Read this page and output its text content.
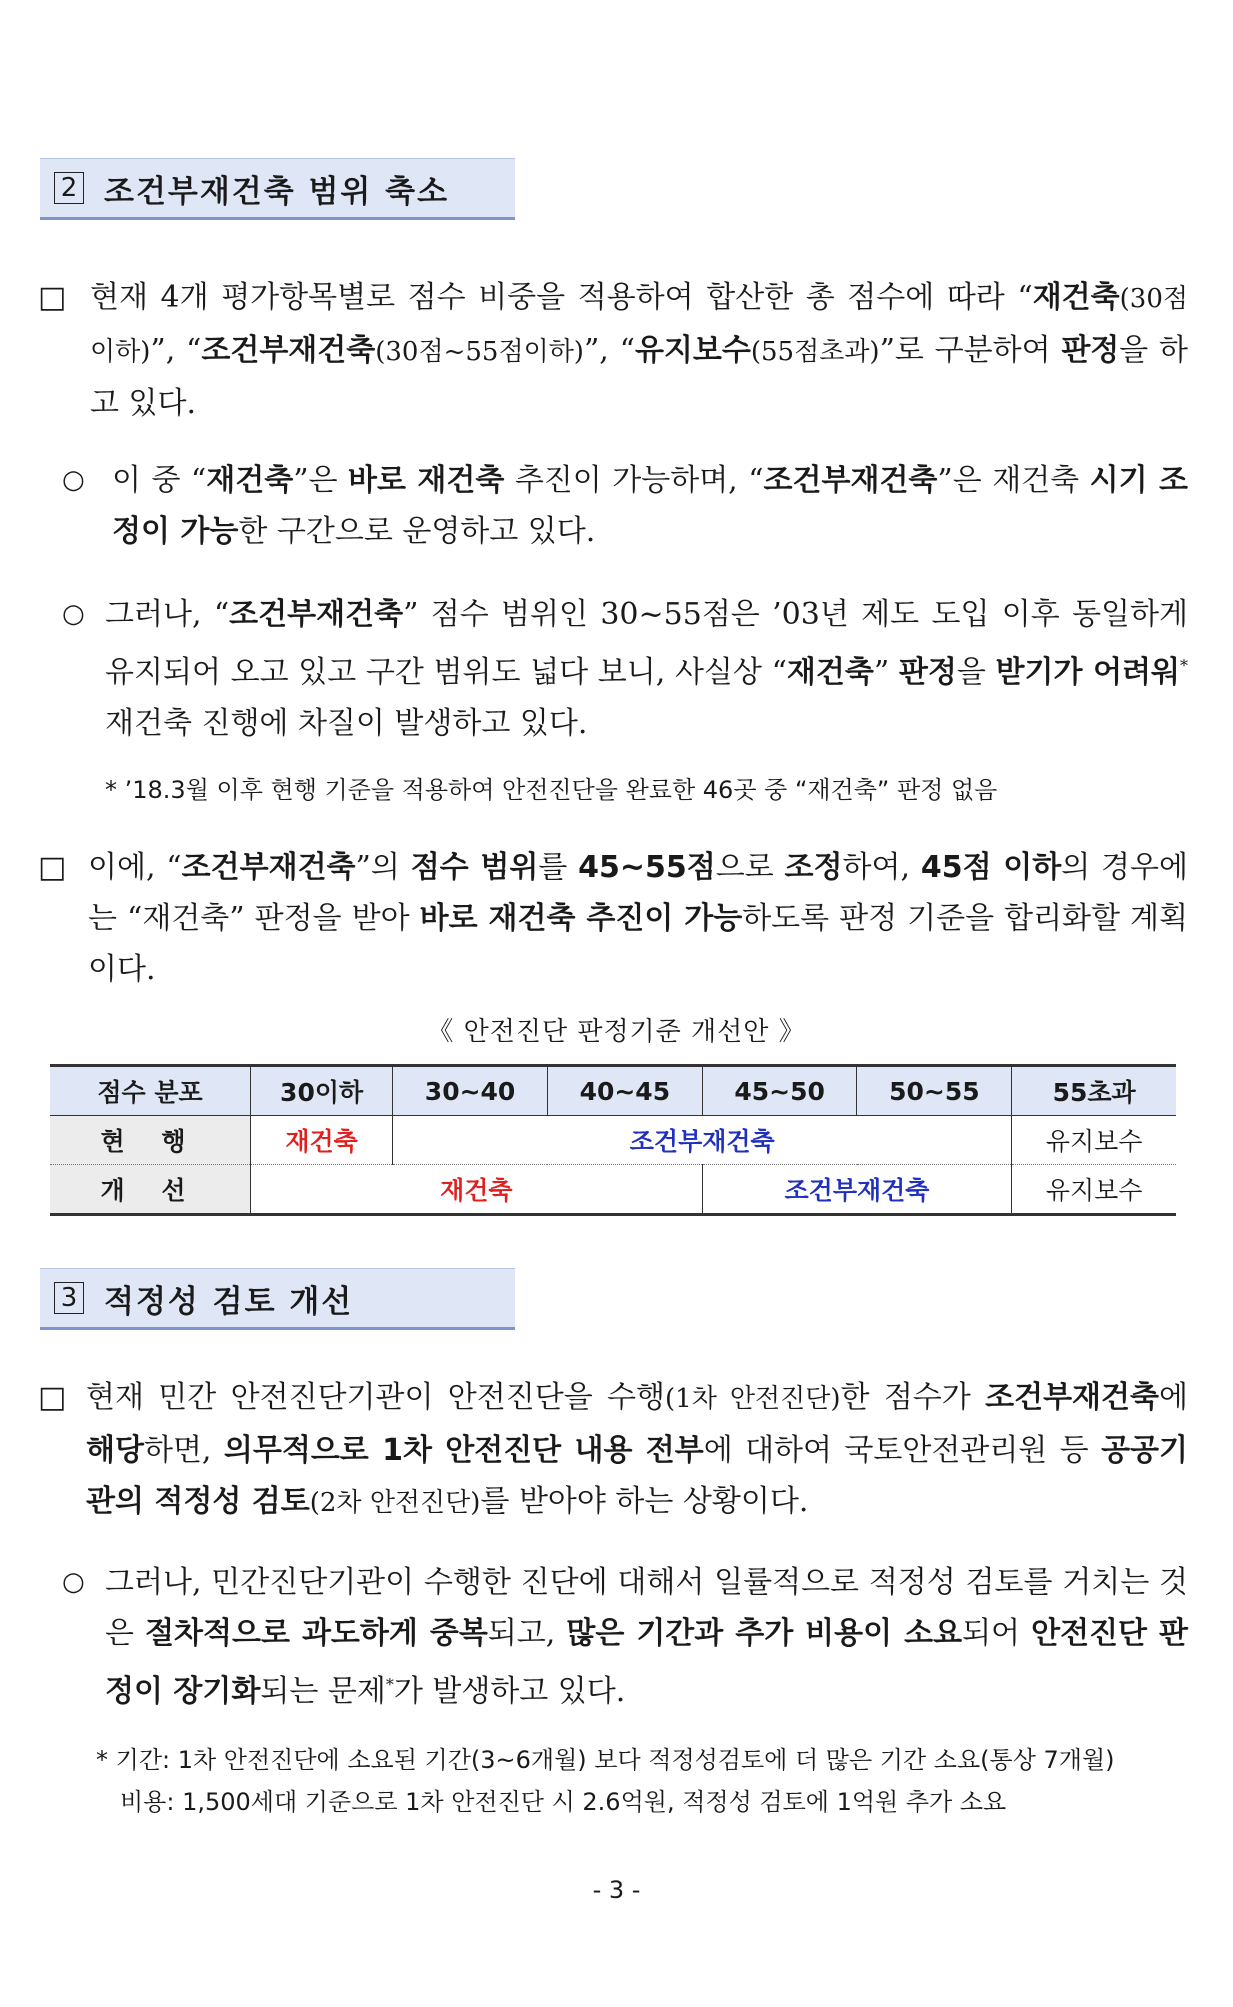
2 조건부재건축 범위 축소
□ 현재 4개 평가항목별로 점수 비중을 적용하여 합산한 총 점수에 따라 “재건축(30점 이하)”, “조건부재건축(30점~55점이하)”, “유지보수(55점초과)”로 구분하여 판정을 하고 있다.
○ 이 중 “재건축”은 바로 재건축 추진이 가능하며, “조건부재건축”은 재건축 시기 조정이 가능한 구간으로 운영하고 있다.
○ 그러나, “조건부재건축” 점수 범위인 30~55점은 ’03년 제도 도입 이후 동일하게 유지되어 오고 있고 구간 범위도 넓다 보니, 사실상 “재건축” 판정을 받기가 어려워* 재건축 진행에 차질이 발생하고 있다.
* ’18.3월 이후 현행 기준을 적용하여 안전진단을 완료한 46곳 중 “재건축” 판정 없음
□ 이에, “조건부재건축”의 점수 범위를 45~55점으로 조정하여, 45점 이하의 경우에는 “재건축” 판정을 받아 바로 재건축 추진이 가능하도록 판정 기준을 합리화할 계획이다.
《 안전진단 판정기준 개선안 》
점수 분포	30이하	30~40	40~45	45~50	50~55	55초과
현 행	재건축	조건부재건축				유지보수
개 선	재건축			조건부재건축		유지보수
3 적정성 검토 개선
□ 현재 민간 안전진단기관이 안전진단을 수행(1차 안전진단)한 점수가 조건부재건축에 해당하면, 의무적으로 1차 안전진단 내용 전부에 대하여 국토안전관리원 등 공공기관의 적정성 검토(2차 안전진단)를 받아야 하는 상황이다.
○ 그러나, 민간진단기관이 수행한 진단에 대해서 일률적으로 적정성 검토를 거치는 것은 절차적으로 과도하게 중복되고, 많은 기간과 추가 비용이 소요되어 안전진단 판정이 장기화되는 문제*가 발생하고 있다.
* 기간: 1차 안전진단에 소요된 기간(3~6개월) 보다 적정성검토에 더 많은 기간 소요(통상 7개월)
비용: 1,500세대 기준으로 1차 안전진단 시 2.6억원, 적정성 검토에 1억원 추가 소요
- 3 -
